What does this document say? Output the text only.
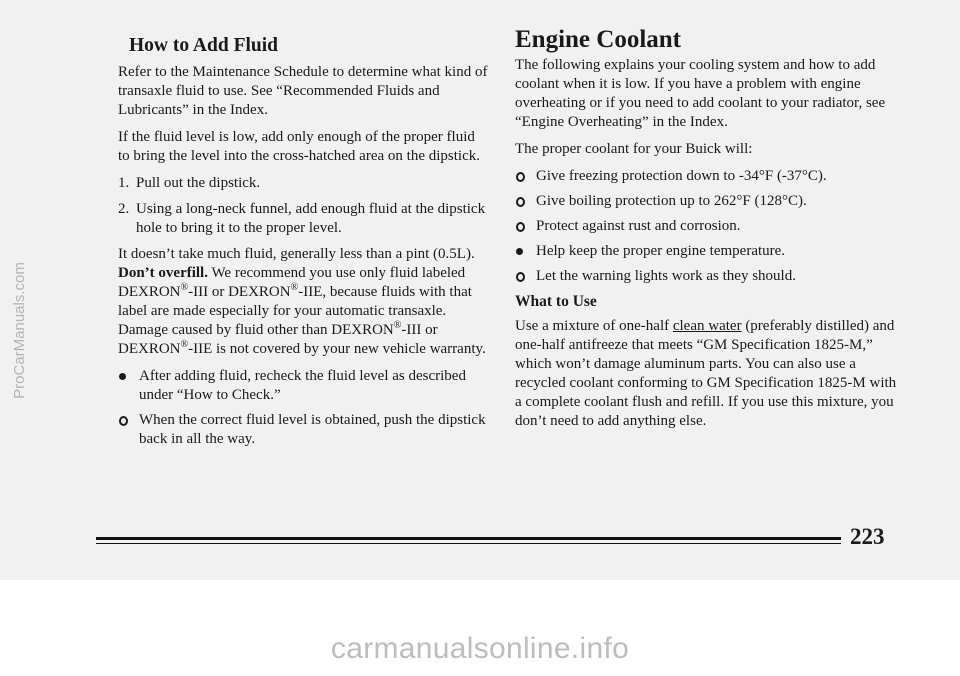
ProCarManuals.com
How to Add Fluid

Refer to the Maintenance Schedule to determine what kind of transaxle fluid to use. See “Recommended Fluids and Lubricants” in the Index.

If the fluid level is low, add only enough of the proper fluid to bring the level into the cross-hatched area on the dipstick.

1. Pull out the dipstick.
2. Using a long-neck funnel, add enough fluid at the dipstick hole to bring it to the proper level.

It doesn’t take much fluid, generally less than a pint (0.5L). Don’t overfill. We recommend you use only fluid labeled DEXRON®-III or DEXRON®-IIE, because fluids with that label are made especially for your automatic transaxle. Damage caused by fluid other than DEXRON®-III or DEXRON®-IIE is not covered by your new vehicle warranty.

After adding fluid, recheck the fluid level as described under “How to Check.”
When the correct fluid level is obtained, push the dipstick back in all the way.
Engine Coolant

The following explains your cooling system and how to add coolant when it is low. If you have a problem with engine overheating or if you need to add coolant to your radiator, see “Engine Overheating” in the Index.

The proper coolant for your Buick will:

Give freezing protection down to -34°F (-37°C).
Give boiling protection up to 262°F (128°C).
Protect against rust and corrosion.
Help keep the proper engine temperature.
Let the warning lights work as they should.
What to Use

Use a mixture of one-half clean water (preferably distilled) and one-half antifreeze that meets “GM Specification 1825-M,” which won’t damage aluminum parts. You can also use a recycled coolant conforming to GM Specification 1825-M with a complete coolant flush and refill. If you use this mixture, you don’t need to add anything else.

223
carmanualsonline.info
